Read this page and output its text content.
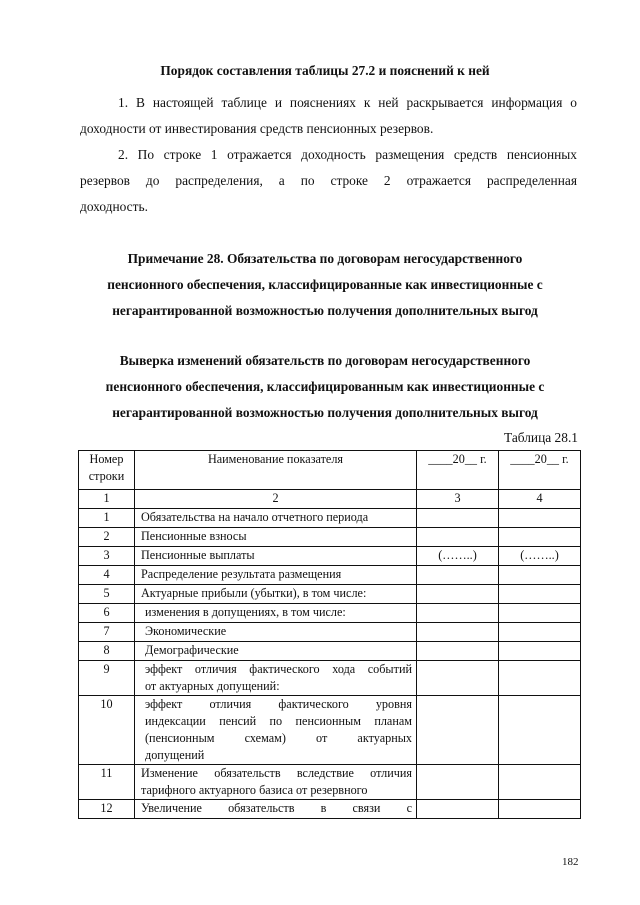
Порядок составления таблицы 27.2 и пояснений к ней

1. В настоящей таблице и пояснениях к ней раскрывается информация о
доходности от инвестирования средств пенсионных резервов.
2. По строке 1 отражается доходность размещения средств пенсионных
резервов до распределения, а по строке 2 отражается распределенная
доходность.
Примечание 28. Обязательства по договорам негосударственного
пенсионного обеспечения, классифицированные как инвестиционные с
негарантированной возможностью получения дополнительных выгод
Выверка изменений обязательств по договорам негосударственного
пенсионного обеспечения, классифицированным как инвестиционные с
негарантированной возможностью получения дополнительных выгод
Таблица 28.1
Номер строки	Наименование показателя	____20__ г.	____20__ г.
1	2	3	4
1	Обязательства на начало отчетного периода		
2	Пенсионные взносы		
3	Пенсионные выплаты	(……..)	(……..)
4	Распределение результата размещения		
5	Актуарные прибыли (убытки), в том числе:		
6	изменения в допущениях, в том числе:		
7	Экономические		
8	Демографические		
9	эффект отличия фактического хода событий
от актуарных допущений:		

10	эффект отличия фактического уровня
индексации пенсий по пенсионным планам
(пенсионным схемам) от актуарных
допущений		

11	Изменение обязательств вследствие отличия
тарифного актуарного базиса от резервного		

12	Увеличение обязательств в связи с		

182
